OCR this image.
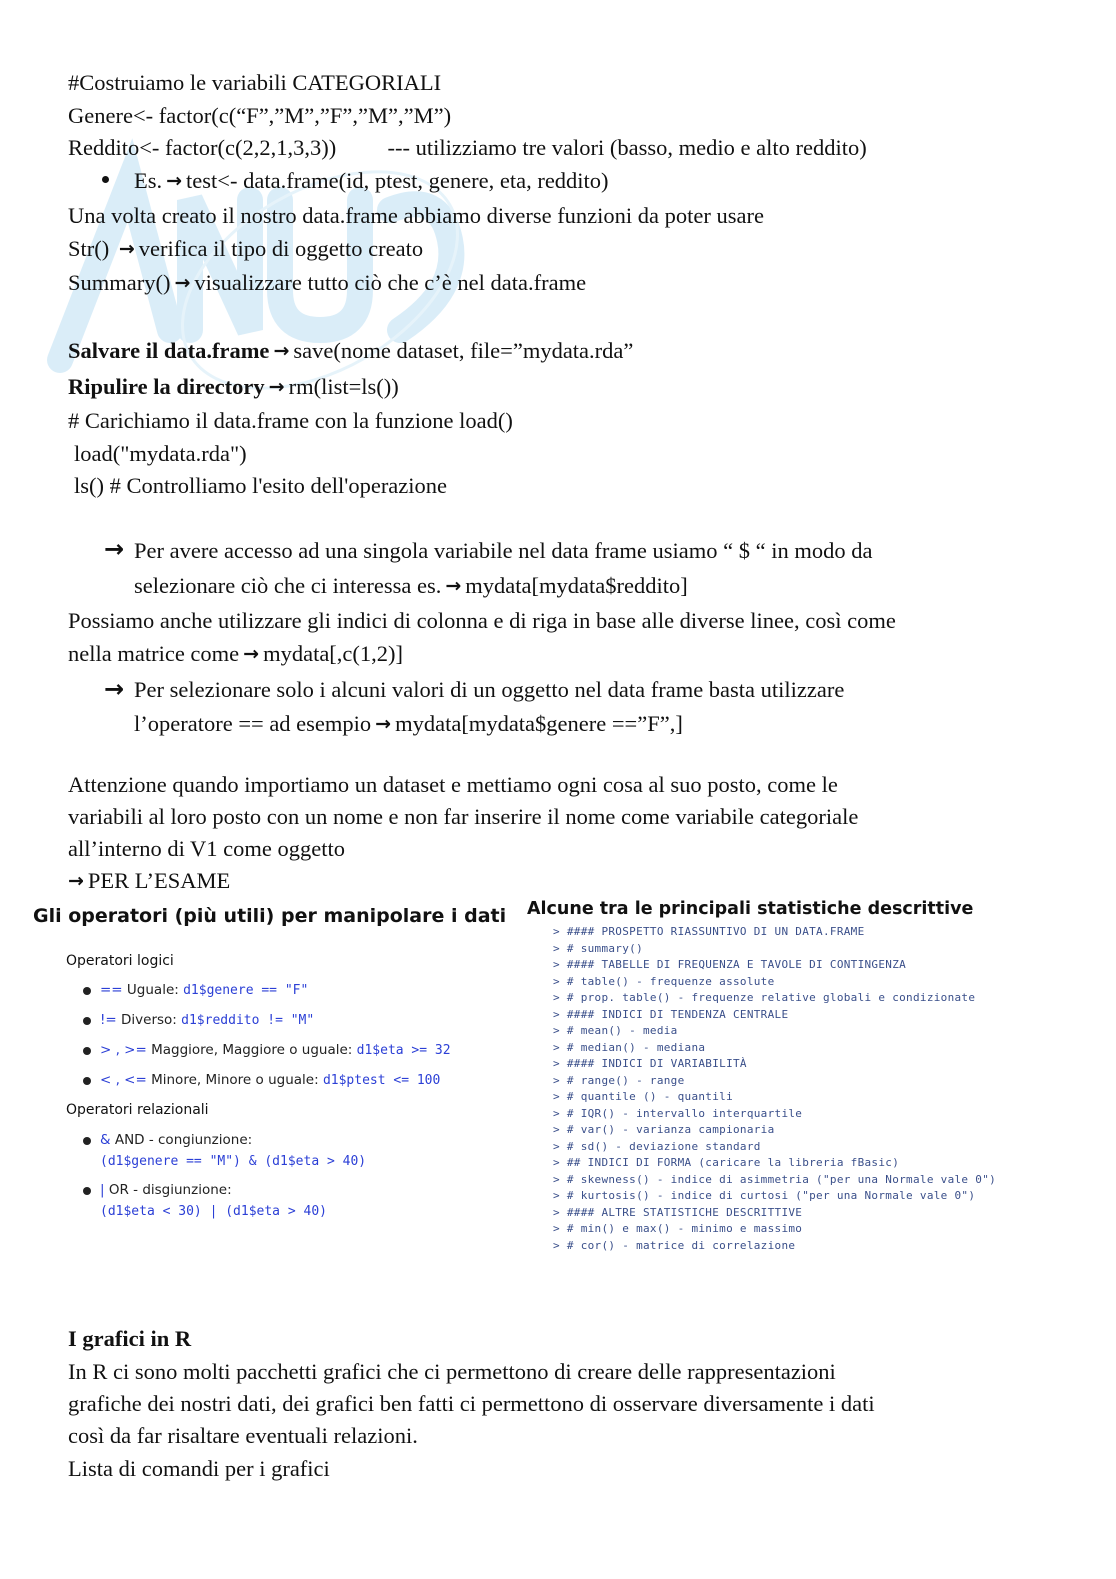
#Costruiamo le variabili CATEGORIALI
Genere<- factor(c(“F”,”M”,”F”,”M”,”M”)
Reddito<- factor(c(2,2,1,3,3)) --- utilizziamo tre valori (basso, medio e alto reddito)
Es. → test<- data.frame(id, ptest, genere, eta, reddito)
Una volta creato il nostro data.frame abbiamo diverse funzioni da poter usare
Str() → verifica il tipo di oggetto creato
Summary() → visualizzare tutto ciò che c’è nel data.frame
Salvare il data.frame → save(nome dataset, file=”mydata.rda”
Ripulire la directory → rm(list=ls())
# Carichiamo il data.frame con la funzione load()
load("mydata.rda")
ls() # Controlliamo l'esito dell'operazione
→ Per avere accesso ad una singola variabile nel data frame usiamo “ $ “ in modo da
selezionare ciò che ci interessa es. → mydata[mydata$reddito]
Possiamo anche utilizzare gli indici di colonna e di riga in base alle diverse linee, così come
nella matrice come → mydata[,c(1,2)]
→ Per selezionare solo i alcuni valori di un oggetto nel data frame basta utilizzare
l’operatore == ad esempio → mydata[mydata$genere ==”F”,]
Attenzione quando importiamo un dataset e mettiamo ogni cosa al suo posto, come le
variabili al loro posto con un nome e non far inserire il nome come variabile categoriale
all’interno di V1 come oggetto
→ PER L’ESAME
Gli operatori (più utili) per manipolare i dati
Operatori logici
== Uguale: d1$genere == "F"
!= Diverso: d1$reddito != "M"
> , >= Maggiore, Maggiore o uguale: d1$eta >= 32
< , <= Minore, Minore o uguale: d1$ptest <= 100
Operatori relazionali
& AND - congiunzione:
(d1$genere == "M") & (d1$eta > 40)
| OR - disgiunzione:
(d1$eta < 30) | (d1$eta > 40)
Alcune tra le principali statistiche descrittive
> #### PROSPETTO RIASSUNTIVO DI UN DATA.FRAME
> # summary()
> #### TABELLE DI FREQUENZA E TAVOLE DI CONTINGENZA
> # table() - frequenze assolute
> # prop. table() - frequenze relative globali e condizionate
> #### INDICI DI TENDENZA CENTRALE
> # mean() - media
> # median() - mediana
> #### INDICI DI VARIABILITÀ
> # range() - range
> # quantile () - quantili
> # IQR() - intervallo interquartile
> # var() - varianza campionaria
> # sd() - deviazione standard
> ## INDICI DI FORMA (caricare la libreria fBasic)
> # skewness() - indice di asimmetria ("per una Normale vale 0")
> # kurtosis() - indice di curtosi ("per una Normale vale 0")
> #### ALTRE STATISTICHE DESCRITTIVE
> # min() e max() - minimo e massimo
> # cor() - matrice di correlazione
I grafici in R
In R ci sono molti pacchetti grafici che ci permettono di creare delle rappresentazioni
grafiche dei nostri dati, dei grafici ben fatti ci permettono di osservare diversamente i dati
così da far risaltare eventuali relazioni.
Lista di comandi per i grafici
